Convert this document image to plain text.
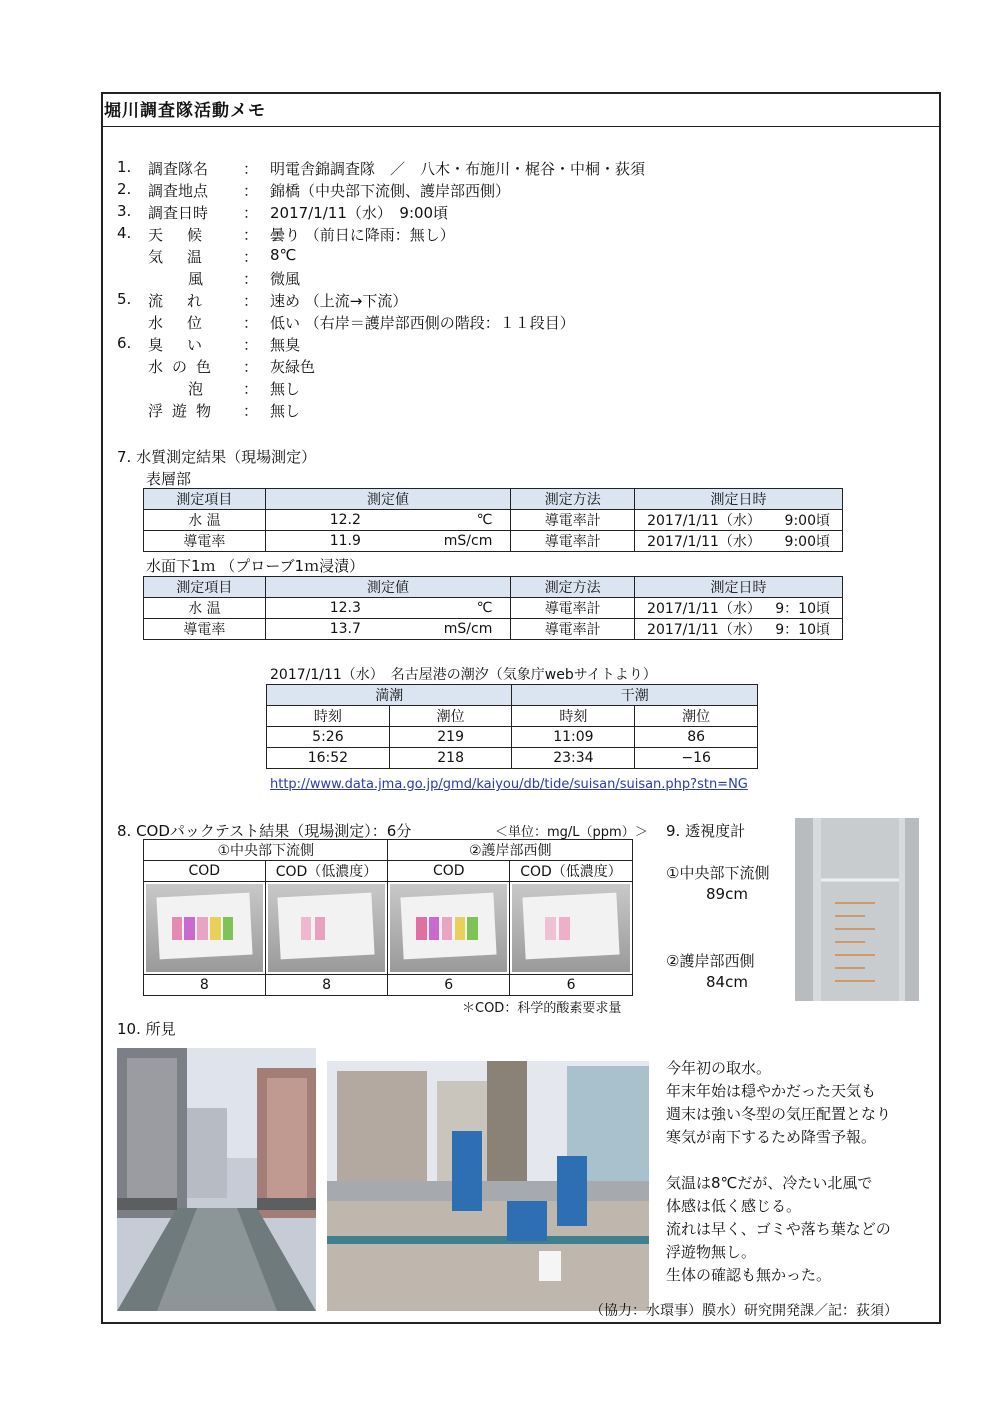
堀川調査隊活動メモ
1.	調査隊名	： 明電舎錦調査隊　／　八木・布施川・梶谷・中桐・荻須
2.	調査地点	： 錦橋（中央部下流側、護岸部西側）
3.	調査日時	： 2017/1/11（水）　9:00頃
4.	天候	： 曇り （前日に降雨：無し）
気温	： 8℃
風	： 微風
5.	流れ	： 速め （上流→下流）
水位	： 低い （右岸＝護岸部西側の階段：１１段目）
6.	臭い	： 無臭
水の色	： 灰緑色
泡	： 無し
浮遊物	： 無し
7. 水質測定結果（現場測定）
表層部
測定項目	測定値	測定方法	測定日時
水 温	12.2 ℃	導電率計	2017/1/11（水） 9:00頃

導電率	11.9 mS/cm	導電率計	2017/1/11（水） 9:00頃
水面下1ｍ （プローブ1ｍ浸漬）
測定項目	測定値	測定方法	測定日時
水 温	12.3 ℃	導電率計	2017/1/11（水） 9：10頃

導電率	13.7 mS/cm	導電率計	2017/1/11（水） 9：10頃
2017/1/11（水）　名古屋港の潮汐（気象庁webサイトより）
満潮		干潮	
時刻	潮位	時刻	潮位
5:26	219	11:09	86
16:52	218	23:34	−16
http://www.data.jma.go.jp/gmd/kaiyou/db/tide/suisan/suisan.php?stn=NG
8. CODパックテスト結果（現場測定）：6分	＜単位：mg/L（ppm）＞
①中央部下流側		②護岸部西側	
COD	COD（低濃度）	COD	COD（低濃度）

8	8	6	6
＊COD：科学的酸素要求量
9. 透視度計
①中央部下流側
89cm
②護岸部西側
84cm
10. 所見
今年初の取水。
年末年始は穏やかだった天気も
週末は強い冬型の気圧配置となり
寒気が南下するため降雪予報。
気温は8℃だが、冷たい北風で
体感は低く感じる。
流れは早く、ゴミや落ち葉などの
浮遊物無し。
生体の確認も無かった。
（協力：水環事）膜水）研究開発課／記：荻須）
